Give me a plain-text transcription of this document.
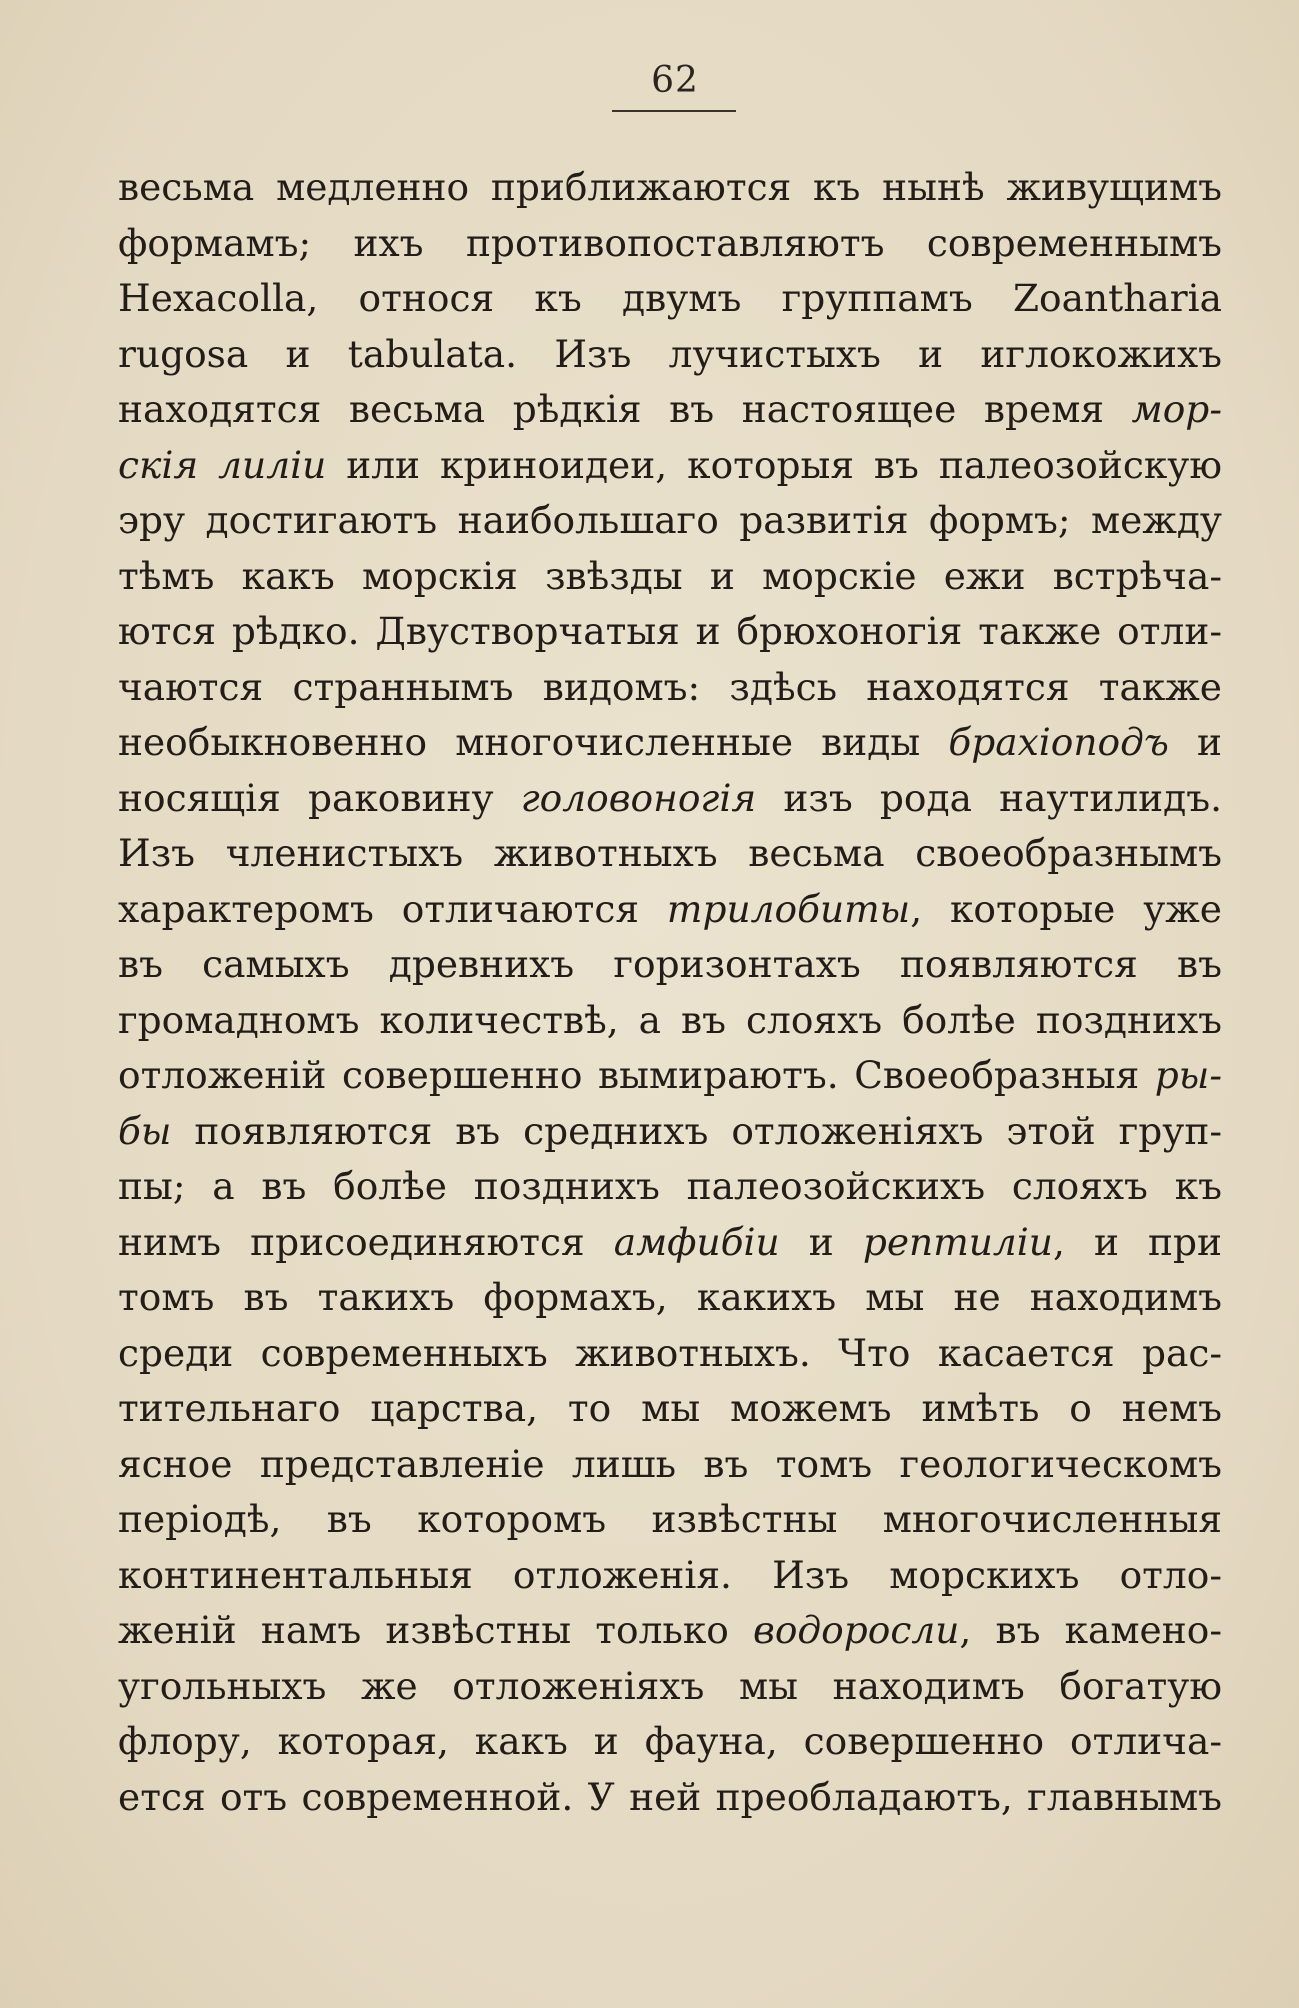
62
весьма медленно приближаются къ нынѣ живущимъ
формамъ; ихъ противопоставляютъ современнымъ
Hexacolla, относя къ двумъ группамъ Zoantharia
rugosa и tabulata. Изъ лучистыхъ и иглокожихъ
находятся весьма рѣдкія въ настоящее время мор-
скія лиліи или криноидеи, которыя въ палеозойскую
эру достигаютъ наибольшаго развитія формъ; между
тѣмъ какъ морскія звѣзды и морскіе ежи встрѣча-
ются рѣдко. Двустворчатыя и брюхоногія также отли-
чаются страннымъ видомъ: здѣсь находятся также
необыкновенно многочисленные виды брахіоподъ и
носящія раковину головоногія изъ рода наутилидъ.
Изъ членистыхъ животныхъ весьма своеобразнымъ
характеромъ отличаются трилобиты, которые уже
въ самыхъ древнихъ горизонтахъ появляются въ
громадномъ количествѣ, а въ слояхъ болѣе позднихъ
отложеній совершенно вымираютъ. Своеобразныя ры-
бы появляются въ среднихъ отложеніяхъ этой груп-
пы; а въ болѣе позднихъ палеозойскихъ слояхъ къ
нимъ присоединяются амфибіи и рептиліи, и при
томъ въ такихъ формахъ, какихъ мы не находимъ
среди современныхъ животныхъ. Что касается рас-
тительнаго царства, то мы можемъ имѣть о немъ
ясное представленіе лишь въ томъ геологическомъ
періодѣ, въ которомъ извѣстны многочисленныя
континентальныя отложенія. Изъ морскихъ отло-
женій намъ извѣстны только водоросли, въ камено-
угольныхъ же отложеніяхъ мы находимъ богатую
флору, которая, какъ и фауна, совершенно отлича-
ется отъ современной. У ней преобладаютъ, главнымъ
